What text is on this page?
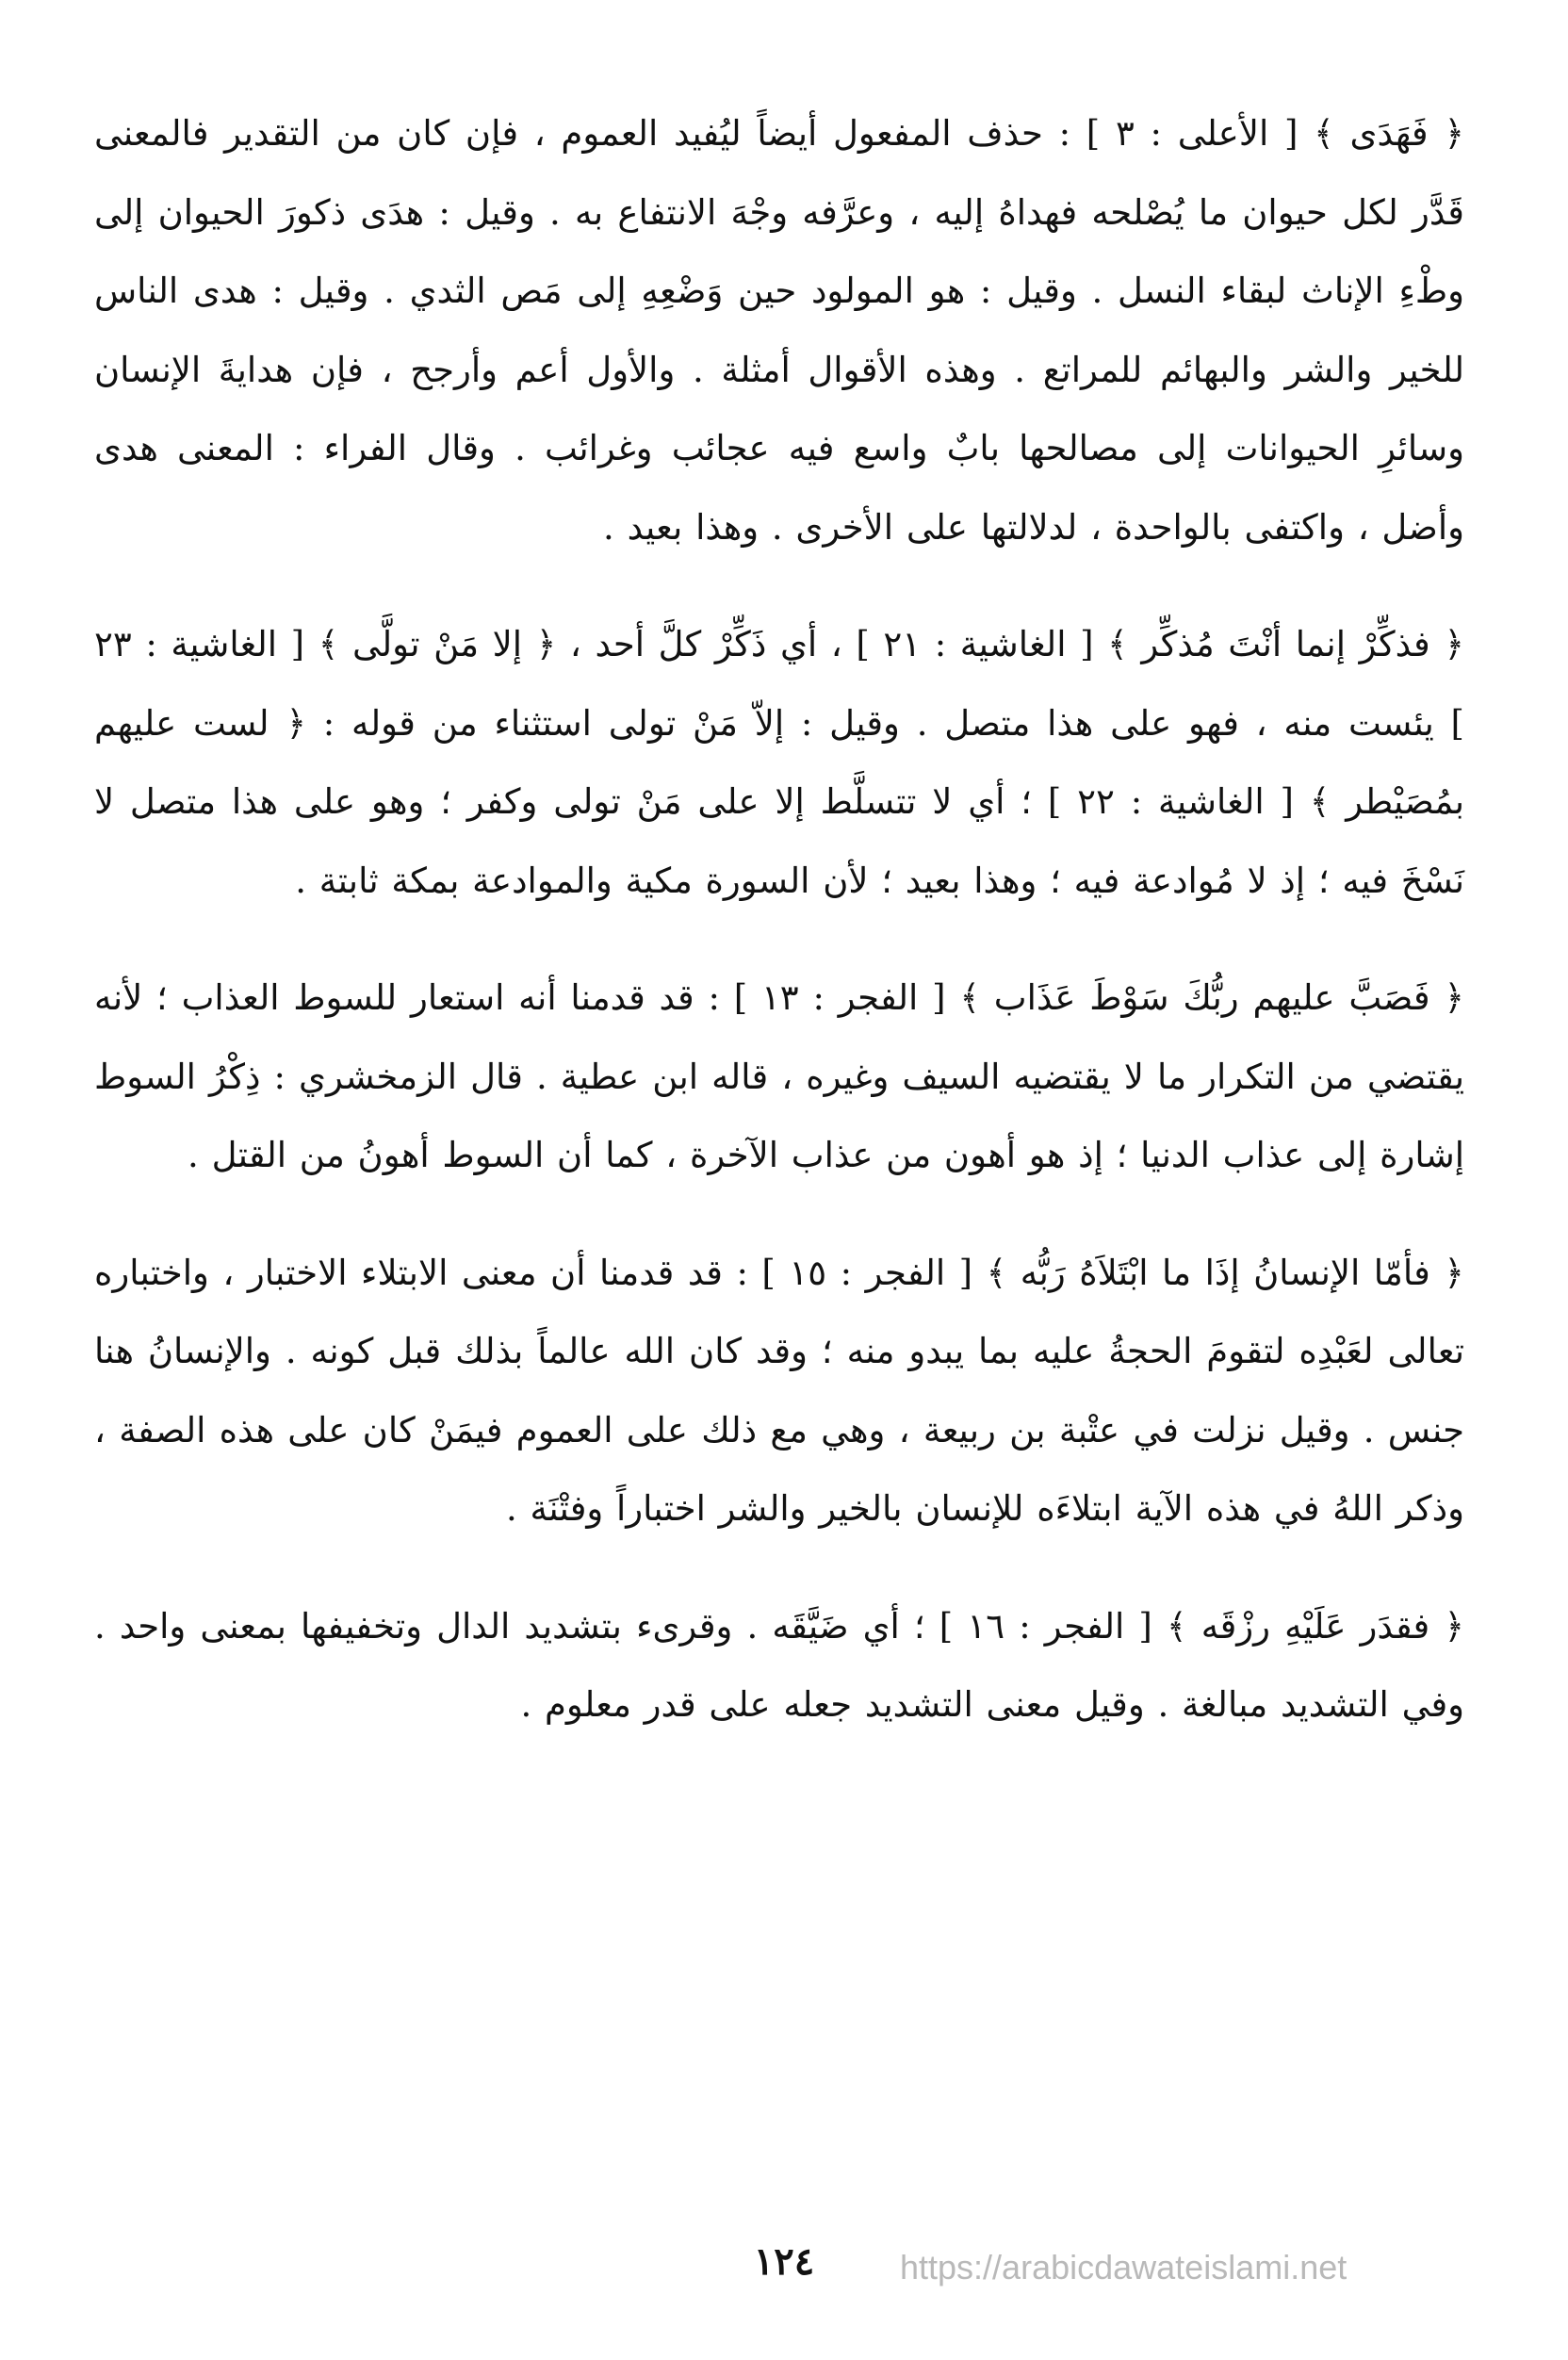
﴿ فَهَدَى ﴾ [ الأعلى : ٣ ] : حذف المفعول أيضاً ليُفيد العموم ، فإن كان من التقدير فالمعنى قَدَّر لكل حيوان ما يُصْلحه فهداهُ إليه ، وعرَّفه وجْهَ الانتفاع به . وقيل : هدَى ذكورَ الحيوان إلى وطْءِ الإناث لبقاء النسل . وقيل : هو المولود حين وَضْعِهِ إلى مَص الثدي . وقيل : هدى الناس للخير والشر والبهائم للمراتع . وهذه الأقوال أمثلة . والأول أعم وأرجح ، فإن هدايةَ الإنسان وسائرِ الحيوانات إلى مصالحها بابٌ واسع فيه عجائب وغرائب . وقال الفراء : المعنى هدى وأضل ، واكتفى بالواحدة ، لدلالتها على الأخرى . وهذا بعيد .

﴿ فذكِّرْ إنما أنْتَ مُذكِّر ﴾ [ الغاشية : ٢١ ] ، أي ذَكِّرْ كلَّ أحد ، ﴿ إلا مَنْ تولَّى ﴾ [ الغاشية : ٢٣ ] يئست منه ، فهو على هذا متصل . وقيل : إلاّ مَنْ تولى استثناء من قوله : ﴿ لست عليهم بمُصَيْطر ﴾ [ الغاشية : ٢٢ ] ؛ أي لا تتسلَّط إلا على مَنْ تولى وكفر ؛ وهو على هذا متصل لا نَسْخَ فيه ؛ إذ لا مُوادعة فيه ؛ وهذا بعيد ؛ لأن السورة مكية والموادعة بمكة ثابتة .

﴿ فَصَبَّ عليهم ربُّكَ سَوْطَ عَذَاب ﴾ [ الفجر : ١٣ ] : قد قدمنا أنه استعار للسوط العذاب ؛ لأنه يقتضي من التكرار ما لا يقتضيه السيف وغيره ، قاله ابن عطية . قال الزمخشري : ذِكْرُ السوط إشارة إلى عذاب الدنيا ؛ إذ هو أهون من عذاب الآخرة ، كما أن السوط أهونُ من القتل .

﴿ فأمّا الإنسانُ إذَا ما ابْتَلاَهُ رَبُّه ﴾ [ الفجر : ١٥ ] : قد قدمنا أن معنى الابتلاء الاختبار ، واختباره تعالى لعَبْدِه لتقومَ الحجةُ عليه بما يبدو منه ؛ وقد كان الله عالماً بذلك قبل كونه . والإنسانُ هنا جنس . وقيل نزلت في عتْبة بن ربيعة ، وهي مع ذلك على العموم فيمَنْ كان على هذه الصفة ، وذكر اللهُ في هذه الآية ابتلاءَه للإنسان بالخير والشر اختباراً وفتْنَة .

﴿ فقدَر عَلَيْهِ رزْقَه ﴾ [ الفجر : ١٦ ] ؛ أي ضَيَّقَه . وقرىء بتشديد الدال وتخفيفها بمعنى واحد . وفي التشديد مبالغة . وقيل معنى التشديد جعله على قدر معلوم .

١٢٤	https://arabicdawateislami.net
